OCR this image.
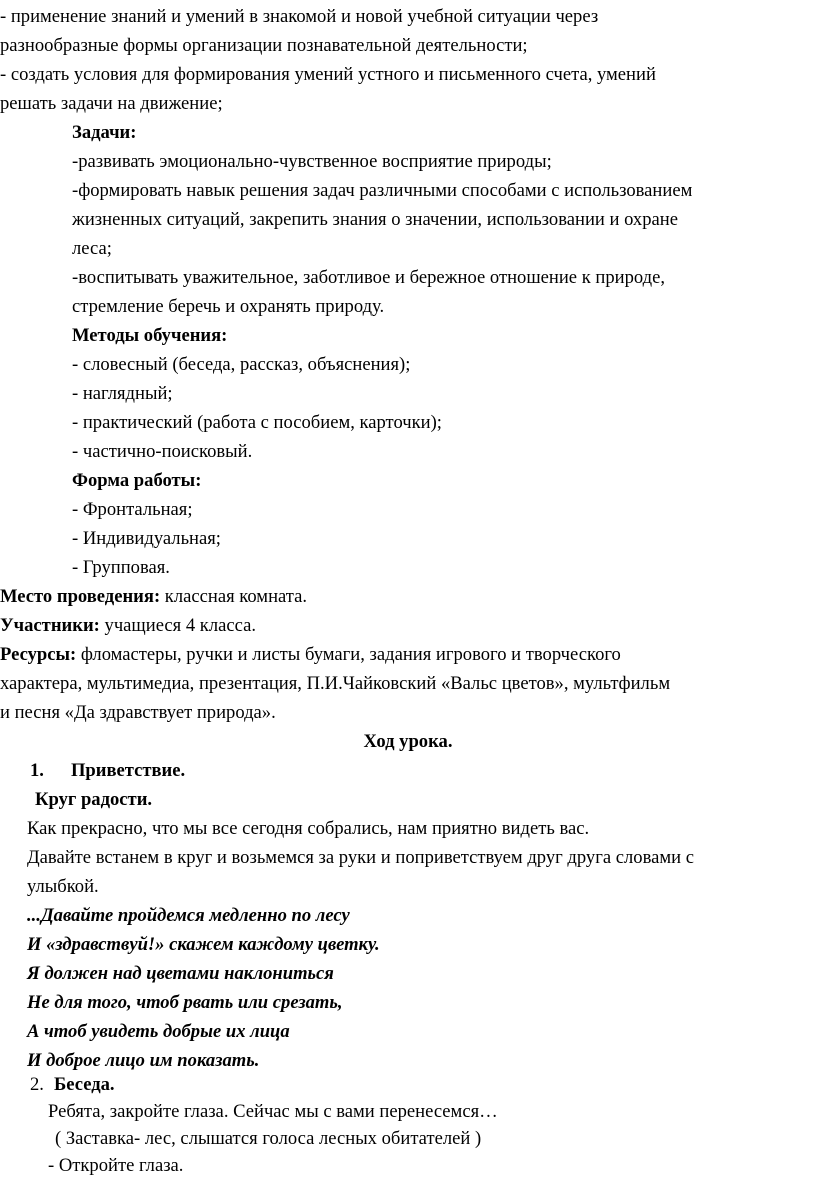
- применение знаний и умений в знакомой и новой учебной ситуации через
разнообразные формы организации познавательной деятельности;
- создать условия для формирования умений устного и письменного счета, умений
решать задачи на движение;
Задачи:
-развивать эмоционально-чувственное восприятие природы;
-формировать навык решения задач различными способами с использованием
жизненных ситуаций, закрепить знания о значении, использовании и охране
леса;
-воспитывать уважительное, заботливое и бережное отношение к природе,
стремление беречь и охранять природу.
Методы обучения:
- словесный (беседа, рассказ, объяснения);
- наглядный;
- практический (работа с пособием, карточки);
- частично-поисковый.
Форма работы:
- Фронтальная;
- Индивидуальная;
- Групповая.
Место проведения: классная комната.
Участники: учащиеся 4 класса.
Ресурсы: фломастеры, ручки и листы бумаги, задания игрового и творческого
характера, мультимедиа, презентация, П.И.Чайковский «Вальс цветов», мультфильм
и песня «Да здравствует природа».
Ход урока.
1. Приветствие.
Круг радости.
Как прекрасно, что мы все сегодня собрались, нам приятно видеть вас.
Давайте встанем в круг и возьмемся за руки и поприветствуем друг друга словами с
улыбкой.
...Давайте пройдемся медленно по лесу
И «здравствуй!» скажем каждому цветку.
Я должен над цветами наклониться
Не для того, чтоб рвать или срезать,
А чтоб увидеть добрые их лица
И доброе лицо им показать.
2. Беседа.
Ребята, закройте глаза. Сейчас мы с вами перенесемся…
( Заставка- лес, слышатся голоса лесных обитателей )
- Откройте глаза.
